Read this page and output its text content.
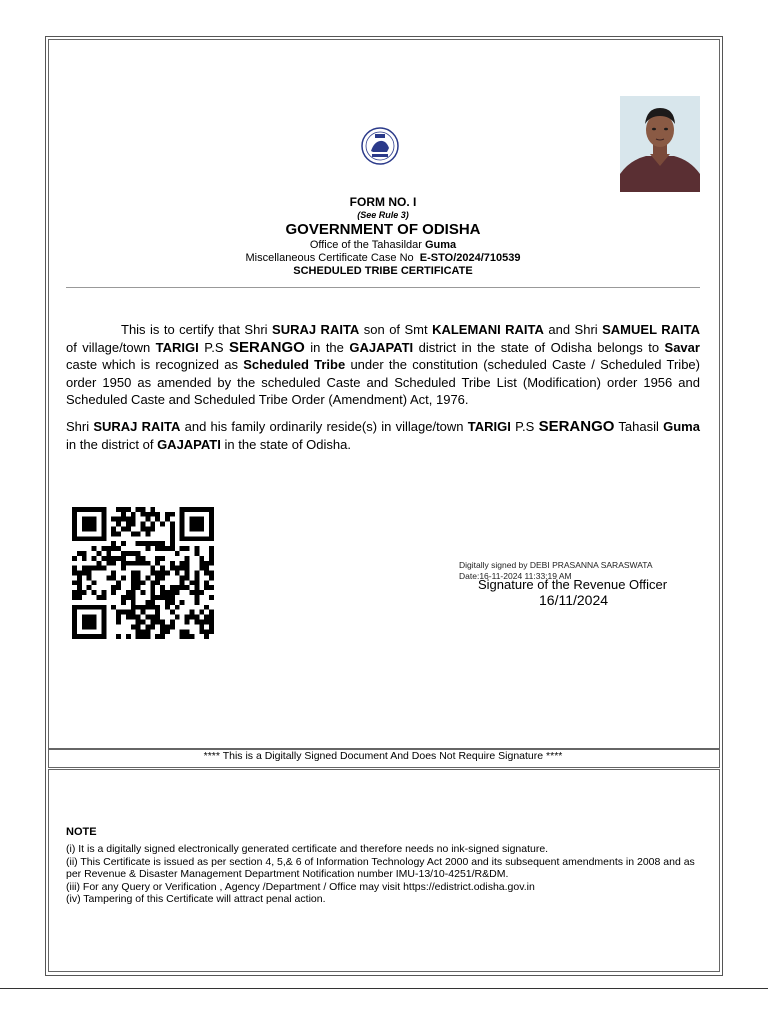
FORM NO. I
(See Rule 3)
GOVERNMENT OF ODISHA
Office of the Tahasildar Guma
Miscellaneous Certificate Case No E-STO/2024/710539
SCHEDULED TRIBE CERTIFICATE
This is to certify that Shri SURAJ RAITA son of Smt KALEMANI RAITA and Shri SAMUEL RAITA of village/town TARIGI P.S SERANGO in the GAJAPATI district in the state of Odisha belongs to Savar caste which is recognized as Scheduled Tribe under the constitution (scheduled Caste / Scheduled Tribe) order 1950 as amended by the scheduled Caste and Scheduled Tribe List (Modification) order 1956 and Scheduled Caste and Scheduled Tribe Order (Amendment) Act, 1976.
Shri SURAJ RAITA and his family ordinarily reside(s) in village/town TARIGI P.S SERANGO Tahasil Guma in the district of GAJAPATI in the state of Odisha.
Digitally signed by DEBI PRASANNA SARASWATA
Date:16-11-2024 11:33:19 AM
Signature of the Revenue Officer
16/11/2024
**** This is a Digitally Signed Document And Does Not Require Signature ****
NOTE
(i) It is a digitally signed electronically generated certificate and therefore needs no ink-signed signature.
(ii) This Certificate is issued as per section 4, 5,& 6 of Information Technology Act 2000 and its subsequent amendments in 2008 and as per Revenue & Disaster Management Department Notification number IMU-13/10-4251/R&DM.
(iii) For any Query or Verification , Agency /Department / Office may visit https://edistrict.odisha.gov.in
(iv) Tampering of this Certificate will attract penal action.
